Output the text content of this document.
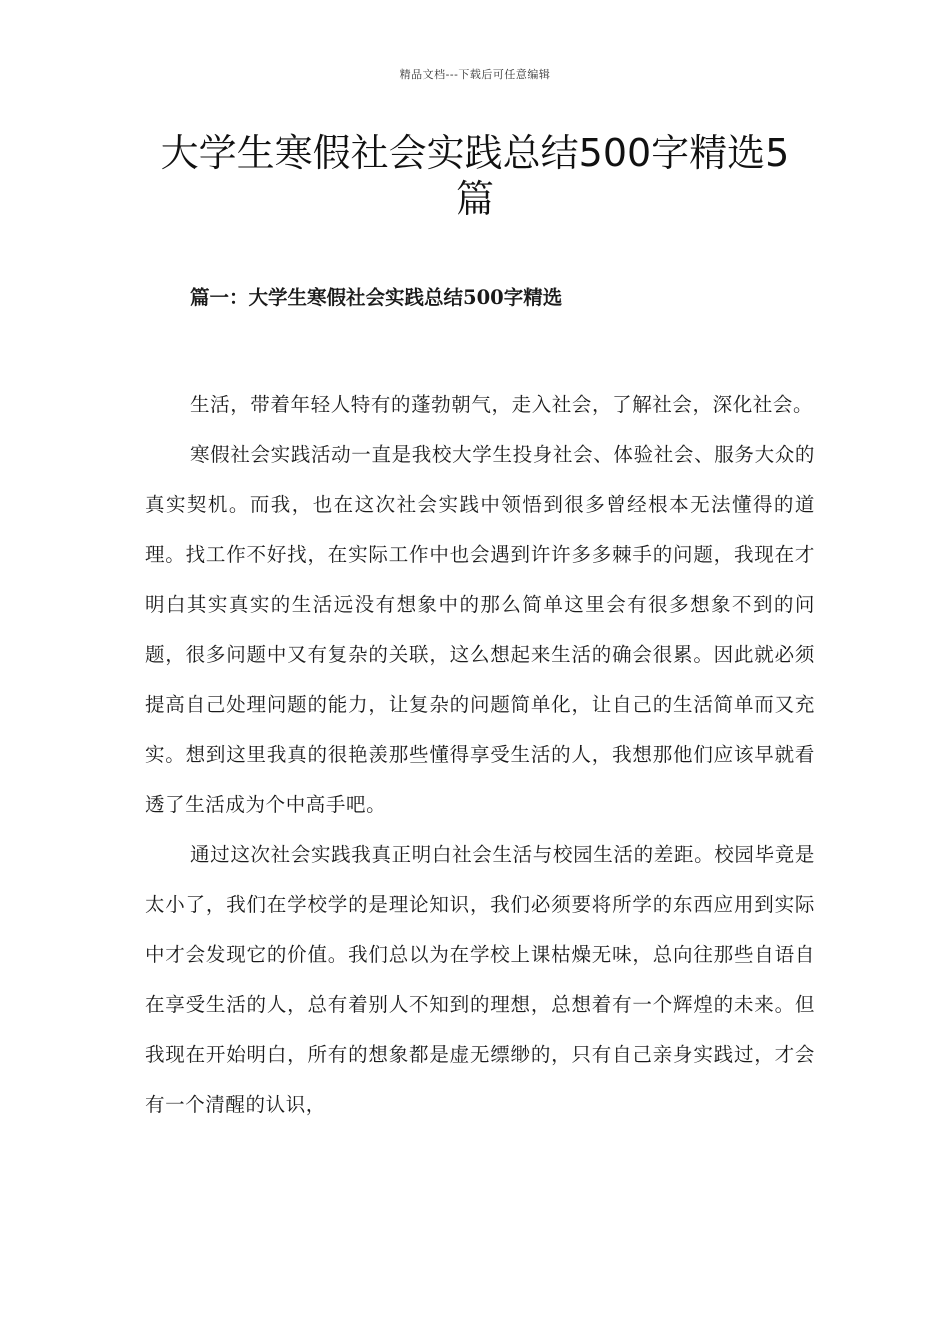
精品文档---下载后可任意编辑
大学生寒假社会实践总结500字精选5
篇
篇一：大学生寒假社会实践总结500字精选

生活，带着年轻人特有的蓬勃朝气，走入社会，了解社会，深化社会。

寒假社会实践活动一直是我校大学生投身社会、体验社会、服务大众的真实契机。而我，也在这次社会实践中领悟到很多曾经根本无法懂得的道理。找工作不好找，在实际工作中也会遇到许许多多棘手的问题，我现在才明白其实真实的生活远没有想象中的那么简单这里会有很多想象不到的问题，很多问题中又有复杂的关联，这么想起来生活的确会很累。因此就必须提高自己处理问题的能力，让复杂的问题简单化，让自己的生活简单而又充实。想到这里我真的很艳羡那些懂得享受生活的人，我想那他们应该早就看透了生活成为个中高手吧。

通过这次社会实践我真正明白社会生活与校园生活的差距。校园毕竟是太小了，我们在学校学的是理论知识，我们必须要将所学的东西应用到实际中才会发现它的价值。我们总以为在学校上课枯燥无味，总向往那些自语自在享受生活的人，总有着别人不知到的理想，总想着有一个辉煌的未来。但我现在开始明白，所有的想象都是虚无缥缈的，只有自己亲身实践过，才会有一个清醒的认识，
